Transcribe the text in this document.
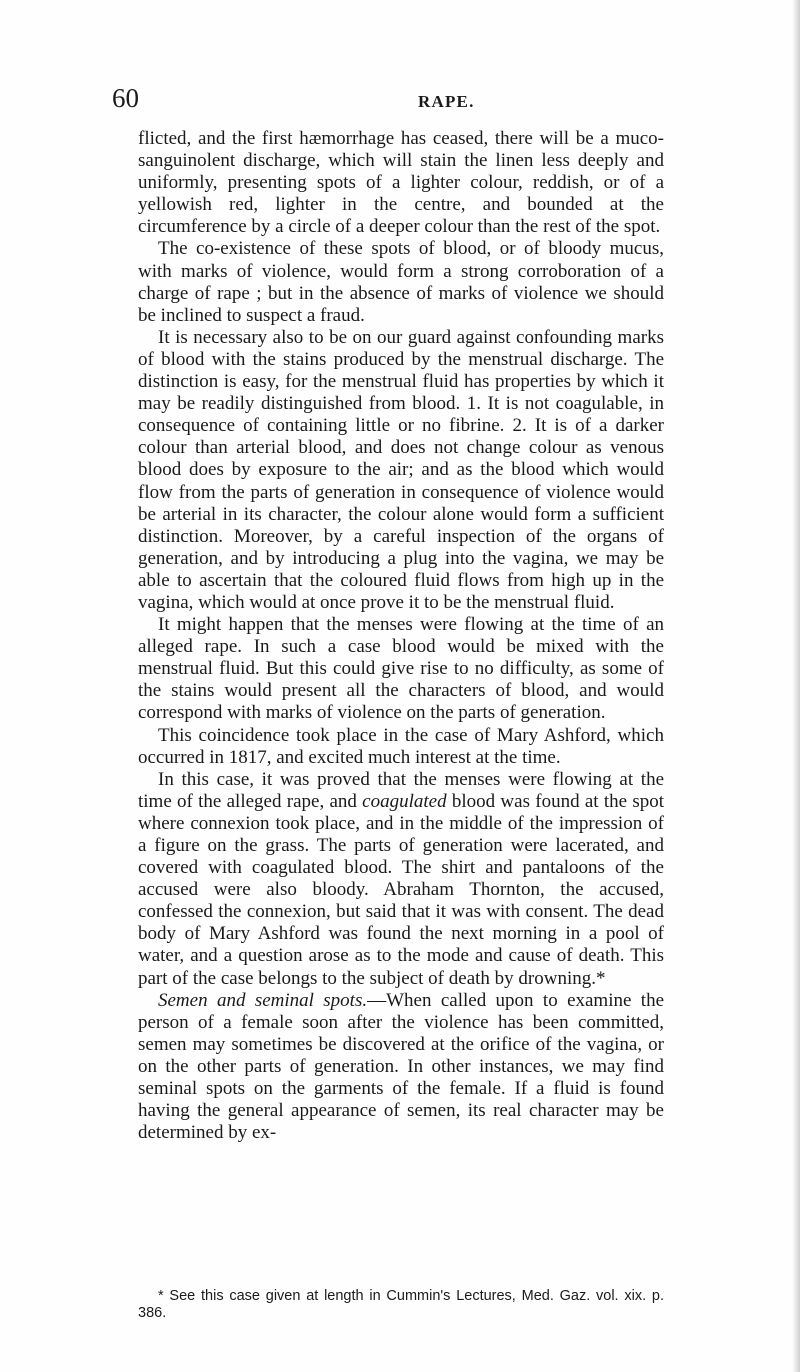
60	RAPE.

flicted, and the first hæmorrhage has ceased, there will be a muco-sanguinolent discharge, which will stain the linen less deeply and uniformly, presenting spots of a lighter colour, reddish, or of a yellowish red, lighter in the centre, and bounded at the circumference by a circle of a deeper colour than the rest of the spot.

The co-existence of these spots of blood, or of bloody mucus, with marks of violence, would form a strong corroboration of a charge of rape ; but in the absence of marks of violence we should be inclined to suspect a fraud.

It is necessary also to be on our guard against confounding marks of blood with the stains produced by the menstrual discharge. The distinction is easy, for the menstrual fluid has properties by which it may be readily distinguished from blood. 1. It is not coagulable, in consequence of containing little or no fibrine. 2. It is of a darker colour than arterial blood, and does not change colour as venous blood does by exposure to the air; and as the blood which would flow from the parts of generation in consequence of violence would be arterial in its character, the colour alone would form a sufficient distinction. Moreover, by a careful inspection of the organs of generation, and by introducing a plug into the vagina, we may be able to ascertain that the coloured fluid flows from high up in the vagina, which would at once prove it to be the menstrual fluid.

It might happen that the menses were flowing at the time of an alleged rape. In such a case blood would be mixed with the menstrual fluid. But this could give rise to no difficulty, as some of the stains would present all the characters of blood, and would correspond with marks of violence on the parts of generation.

This coincidence took place in the case of Mary Ashford, which occurred in 1817, and excited much interest at the time.

In this case, it was proved that the menses were flowing at the time of the alleged rape, and coagulated blood was found at the spot where connexion took place, and in the middle of the impression of a figure on the grass. The parts of generation were lacerated, and covered with coagulated blood. The shirt and pantaloons of the accused were also bloody. Abraham Thornton, the accused, confessed the connexion, but said that it was with consent. The dead body of Mary Ashford was found the next morning in a pool of water, and a question arose as to the mode and cause of death. This part of the case belongs to the subject of death by drowning.*

Semen and seminal spots.—When called upon to examine the person of a female soon after the violence has been committed, semen may sometimes be discovered at the orifice of the vagina, or on the other parts of generation. In other instances, we may find seminal spots on the garments of the female. If a fluid is found having the general appearance of semen, its real character may be determined by ex-

* See this case given at length in Cummin's Lectures, Med. Gaz. vol. xix. p. 386.
